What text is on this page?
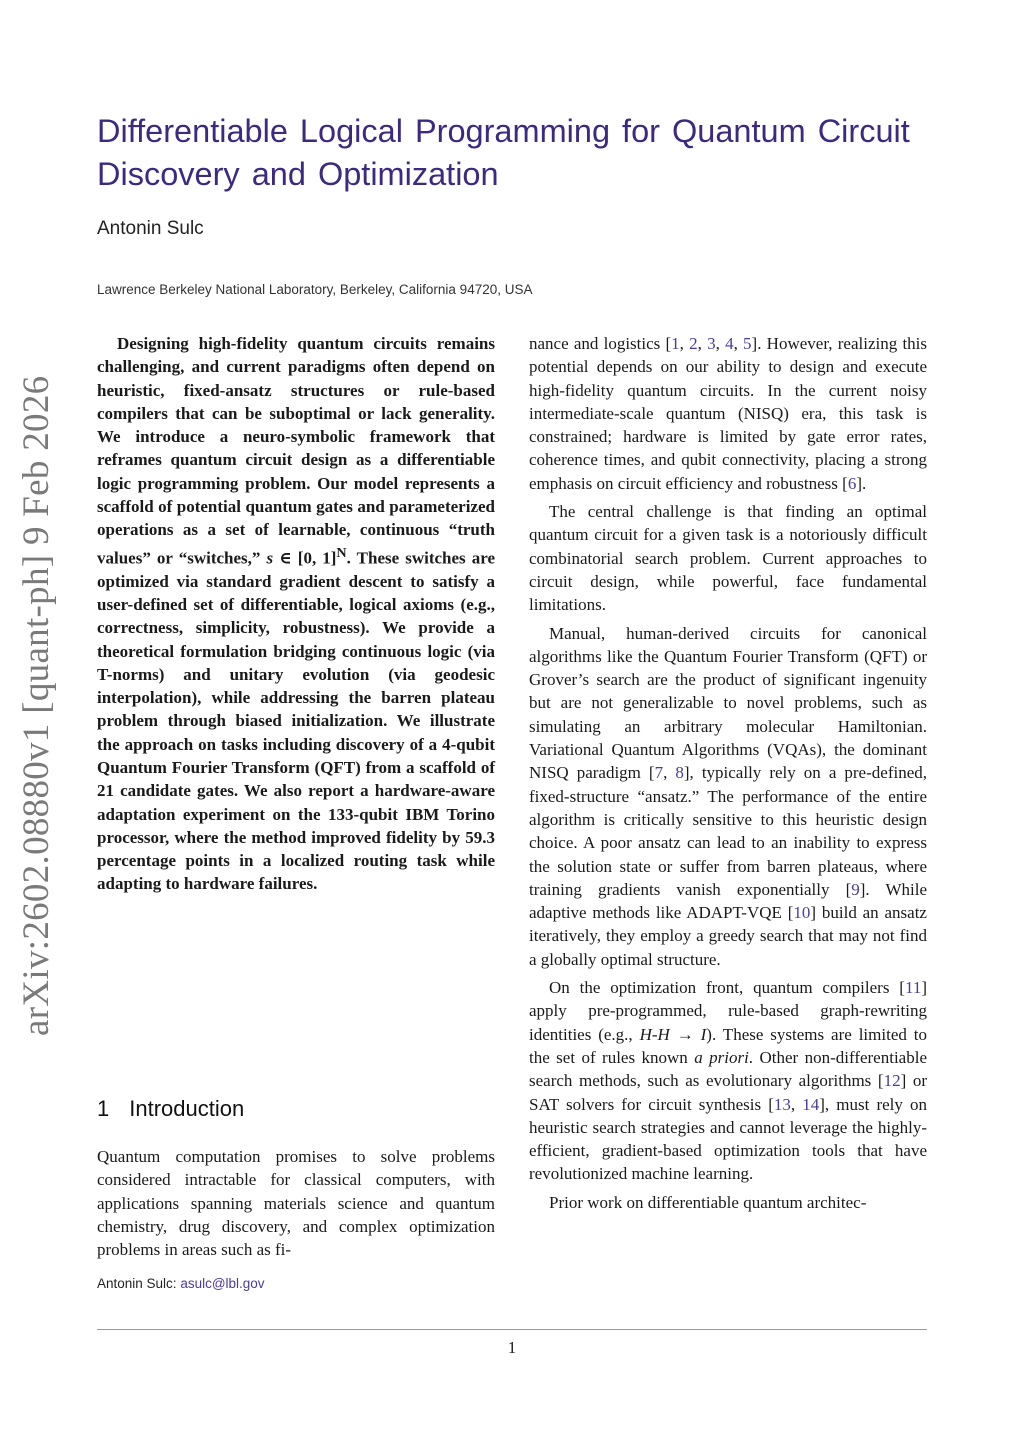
arXiv:2602.08880v1 [quant-ph] 9 Feb 2026
Differentiable Logical Programming for Quantum Circuit Discovery and Optimization
Antonin Sulc
Lawrence Berkeley National Laboratory, Berkeley, California 94720, USA

Designing high-fidelity quantum circuits remains challenging, and current paradigms often depend on heuristic, fixed-ansatz structures or rule-based compilers that can be suboptimal or lack generality. We introduce a neuro-symbolic framework that reframes quantum circuit design as a differentiable logic programming problem. Our model represents a scaffold of potential quantum gates and parameterized operations as a set of learnable, continuous “truth values” or “switches,” s ∈ [0, 1]$^N$. These switches are optimized via standard gradient descent to satisfy a user-defined set of differentiable, logical axioms (e.g., correctness, simplicity, robustness). We provide a theoretical formulation bridging continuous logic (via T-norms) and unitary evolution (via geodesic interpolation), while addressing the barren plateau problem through biased initialization. We illustrate the approach on tasks including discovery of a 4-qubit Quantum Fourier Transform (QFT) from a scaffold of 21 candidate gates. We also report a hardware-aware adaptation experiment on the 133-qubit IBM Torino processor, where the method improved fidelity by 59.3 percentage points in a localized routing task while adapting to hardware failures.

1 Introduction

Quantum computation promises to solve problems considered intractable for classical computers, with applications spanning materials science and quantum chemistry, drug discovery, and complex optimization problems in areas such as fi-

Antonin Sulc: asulc@lbl.gov

nance and logistics [1, 2, 3, 4, 5]. However, realizing this potential depends on our ability to design and execute high-fidelity quantum circuits. In the current noisy intermediate-scale quantum (NISQ) era, this task is constrained; hardware is limited by gate error rates, coherence times, and qubit connectivity, placing a strong emphasis on circuit efficiency and robustness [6].

The central challenge is that finding an optimal quantum circuit for a given task is a notoriously difficult combinatorial search problem. Current approaches to circuit design, while powerful, face fundamental limitations.

Manual, human-derived circuits for canonical algorithms like the Quantum Fourier Transform (QFT) or Grover’s search are the product of significant ingenuity but are not generalizable to novel problems, such as simulating an arbitrary molecular Hamiltonian. Variational Quantum Algorithms (VQAs), the dominant NISQ paradigm [7, 8], typically rely on a pre-defined, fixed-structure “ansatz.” The performance of the entire algorithm is critically sensitive to this heuristic design choice. A poor ansatz can lead to an inability to express the solution state or suffer from barren plateaus, where training gradients vanish exponentially [9]. While adaptive methods like ADAPT-VQE [10] build an ansatz iteratively, they employ a greedy search that may not find a globally optimal structure.

On the optimization front, quantum compilers [11] apply pre-programmed, rule-based graph-rewriting identities (e.g., H-H → I). These systems are limited to the set of rules known a priori. Other non-differentiable search methods, such as evolutionary algorithms [12] or SAT solvers for circuit synthesis [13, 14], must rely on heuristic search strategies and cannot leverage the highly-efficient, gradient-based optimization tools that have revolutionized machine learning.

Prior work on differentiable quantum architec-

1
